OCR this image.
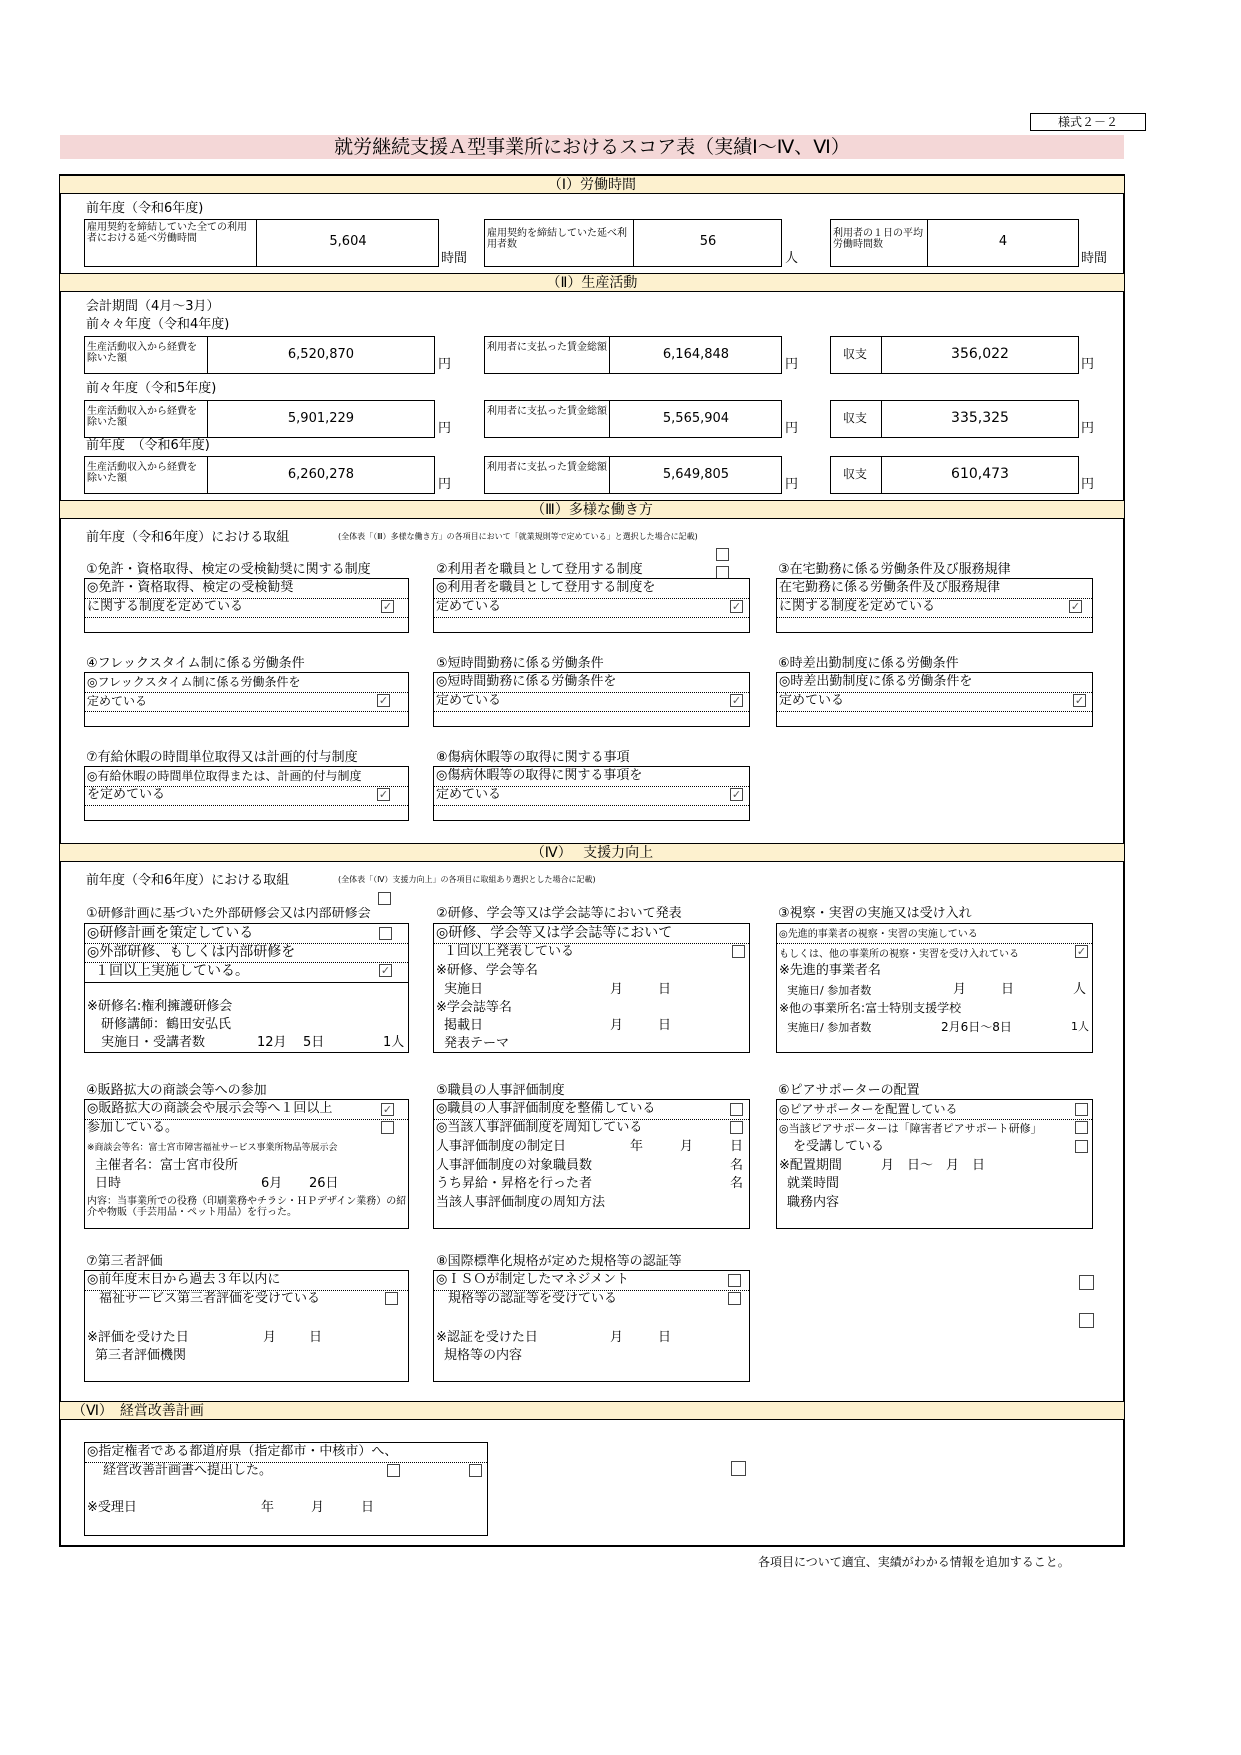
様式２－２
就労継続支援Ａ型事業所におけるスコア表（実績Ⅰ～Ⅳ、Ⅵ）
（Ⅰ）労働時間
前年度（令和6年度)
雇用契約を締結していた全ての利用者における延べ労働時間	5,604
時間
雇用契約を締結していた延べ利用者数	56
人
利用者の１日の平均労働時間数	4
時間
（Ⅱ）生産活動
会計期間（4月～3月）
前々々年度（令和4年度)
生産活動収入から経費を除いた額	6,520,870
円
利用者に支払った賃金総額	6,164,848
円
収支	356,022
円
前々年度（令和5年度)
生産活動収入から経費を除いた額	5,901,229
円
利用者に支払った賃金総額	5,565,904
円
収支	335,325
円
前年度　（令和6年度)
生産活動収入から経費を除いた額	6,260,278
円
利用者に支払った賃金総額	5,649,805
円
収支	610,473
円
（Ⅲ）多様な働き方
前年度（令和6年度）における取組	(全体表「（Ⅲ）多様な働き方」の各項目において「就業規則等で定めている」と選択した場合に記載)
①免許・資格取得、検定の受検勧奨に関する制度
◎免許・資格取得、検定の受検勧奨
に関する制度を定めている	✓
②利用者を職員として登用する制度
◎利用者を職員として登用する制度を
定めている	✓
③在宅勤務に係る労働条件及び服務規律
在宅勤務に係る労働条件及び服務規律
に関する制度を定めている	✓
④フレックスタイム制に係る労働条件
◎フレックスタイム制に係る労働条件を
定めている	✓
⑤短時間勤務に係る労働条件
◎短時間勤務に係る労働条件を
定めている	✓
⑥時差出勤制度に係る労働条件
◎時差出勤制度に係る労働条件を
定めている	✓
⑦有給休暇の時間単位取得又は計画的付与制度
◎有給休暇の時間単位取得または、計画的付与制度
を定めている	✓
⑧傷病休暇等の取得に関する事項
◎傷病休暇等の取得に関する事項を
定めている	✓
（Ⅳ）　 支援力向上
前年度（令和6年度）における取組	(全体表「（Ⅳ）支援力向上」の各項目に取組あり選択とした場合に記載)
①研修計画に基づいた外部研修会又は内部研修会
◎研修計画を策定している
◎外部研修、もしくは内部研修を
１回以上実施している。	✓
※研修名:権利擁護研修会
研修講師：鶴田安弘氏
実施日・受講者数	12月 5日	1人
②研修、学会等又は学会誌等において発表
◎研修、学会等又は学会誌等において
１回以上発表している
※研修、学会等名
実施日	月	日
※学会誌等名
掲載日	月	日
発表テーマ
③視察・実習の実施又は受け入れ
◎先進的事業者の視察・実習の実施している
もしくは、他の事業所の視察・実習を受け入れている	✓
※先進的事業者名
実施日/ 参加者数	月	日	人
※他の事業所名:富士特別支援学校
実施日/ 参加者数	2月6日～8日	1人
④販路拡大の商談会等への参加
◎販路拡大の商談会や展示会等へ１回以上	✓
参加している。
※商談会等名：富士宮市障害福祉サービス事業所物品等展示会
主催者名：富士宮市役所
日時	6月 26日
内容：当事業所での役務（印刷業務やチラシ・ＨＰデザイン業務）の紹介や物販（手芸用品・ペット用品）を行った。
⑤職員の人事評価制度
◎職員の人事評価制度を整備している
◎当該人事評価制度を周知している
人事評価制度の制定日	年	月	日
人事評価制度の対象職員数	名
うち昇給・昇格を行った者	名
当該人事評価制度の周知方法
⑥ピアサポーターの配置
◎ピアサポーターを配置している
◎当該ピアサポーターは「障害者ピアサポート研修」
を受講している
※配置期間	月　日～　月　日
就業時間
職務内容
⑦第三者評価
◎前年度末日から過去３年以内に
福祉サービス第三者評価を受けている
※評価を受けた日	月	日
第三者評価機関
⑧国際標準化規格が定めた規格等の認証等
◎ＩＳＯが制定したマネジメント
規格等の認証等を受けている
※認証を受けた日	月	日
規格等の内容
（Ⅵ）　経営改善計画
◎指定権者である都道府県（指定都市・中核市）へ、
経営改善計画書へ提出した。
※受理日	年	月	日
各項目について適宜、実績がわかる情報を追加すること。
